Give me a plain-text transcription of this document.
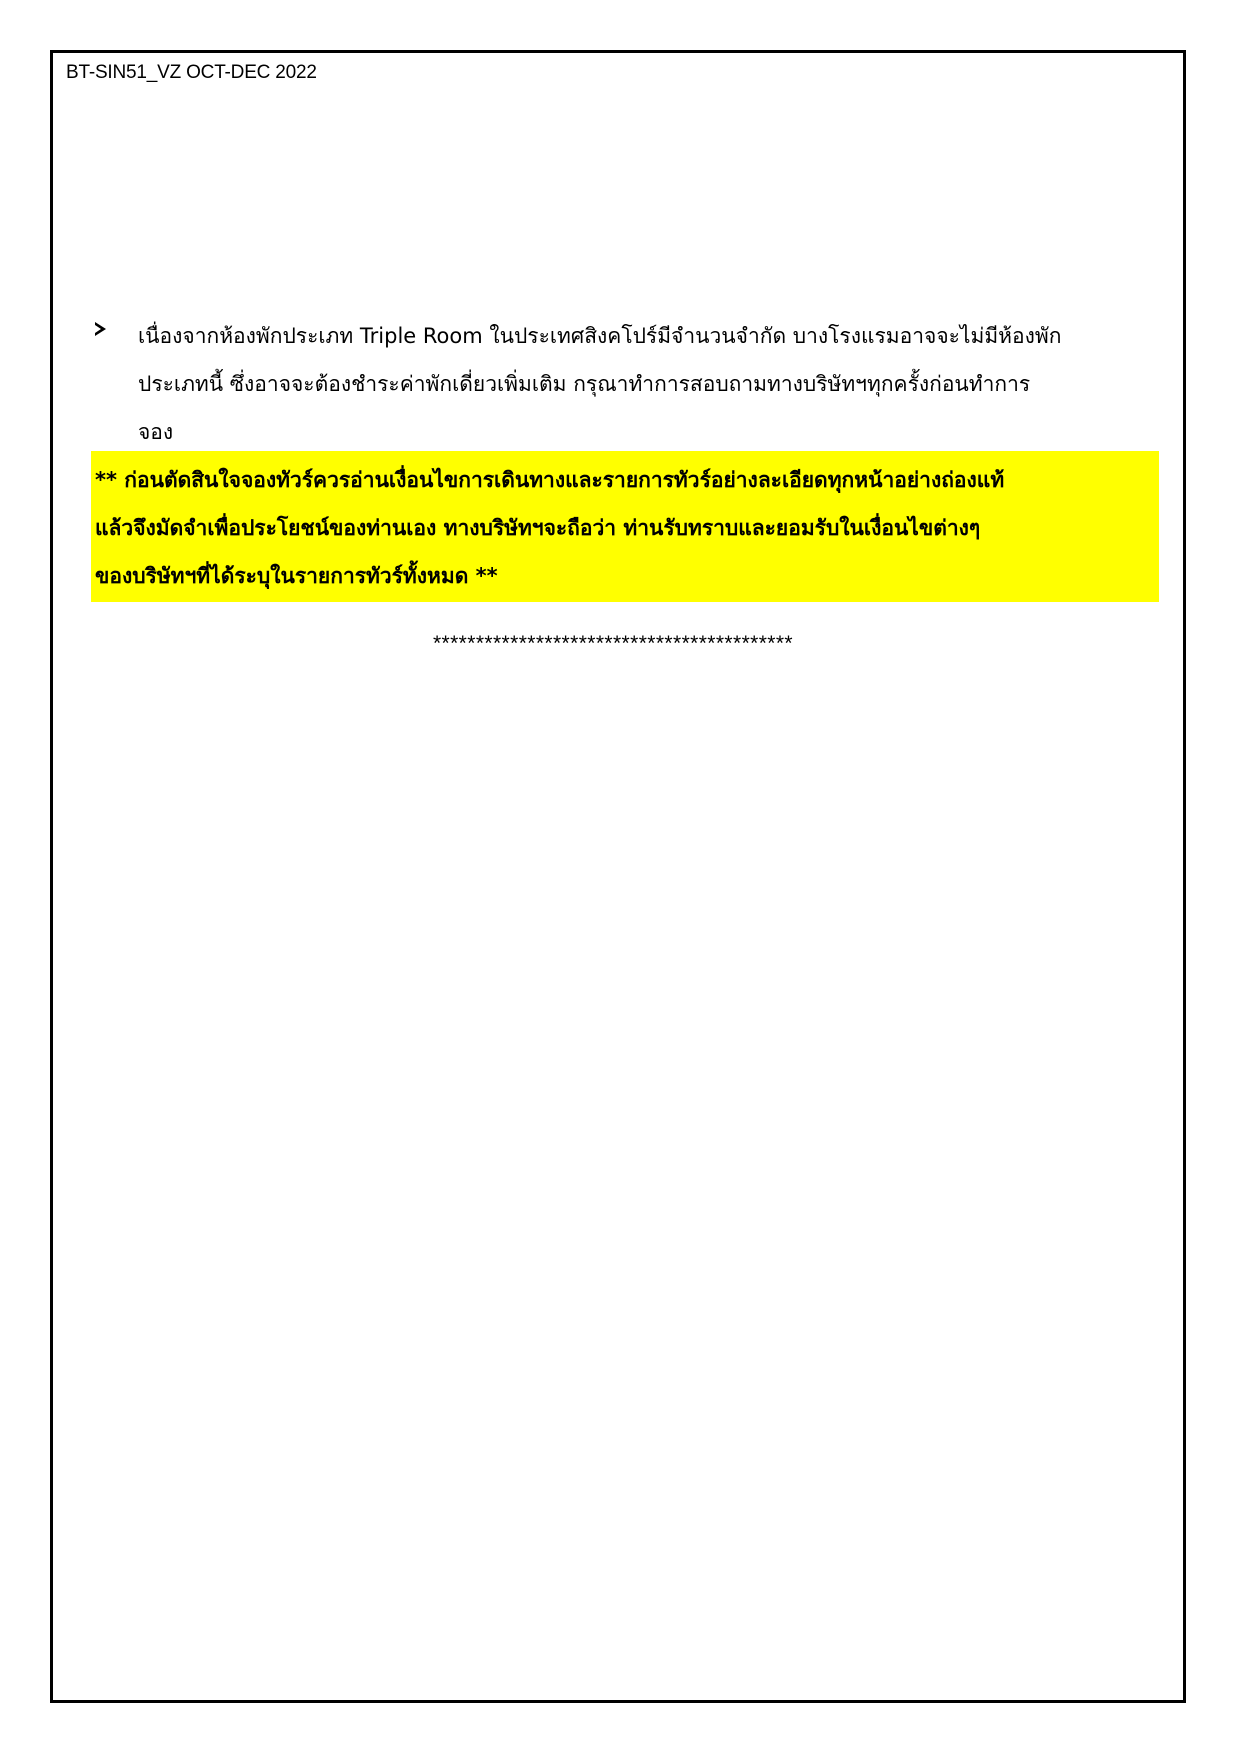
BT-SIN51_VZ OCT-DEC 2022
เนื่องจากห้องพักประเภท Triple Room ในประเทศสิงคโปร์มีจำนวนจำกัด บางโรงแรมอาจจะไม่มีห้องพัก
ประเภทนี้ ซึ่งอาจจะต้องชำระค่าพักเดี่ยวเพิ่มเติม กรุณาทำการสอบถามทางบริษัทฯทุกครั้งก่อนทำการ
จอง
** ก่อนตัดสินใจจองทัวร์ควรอ่านเงื่อนไขการเดินทางและรายการทัวร์อย่างละเอียดทุกหน้าอย่างถ่องแท้
แล้วจึงมัดจำเพื่อประโยชน์ของท่านเอง ทางบริษัทฯจะถือว่า ท่านรับทราบและยอมรับในเงื่อนไขต่างๆ
ของบริษัทฯที่ได้ระบุในรายการทัวร์ทั้งหมด **
******************************************
